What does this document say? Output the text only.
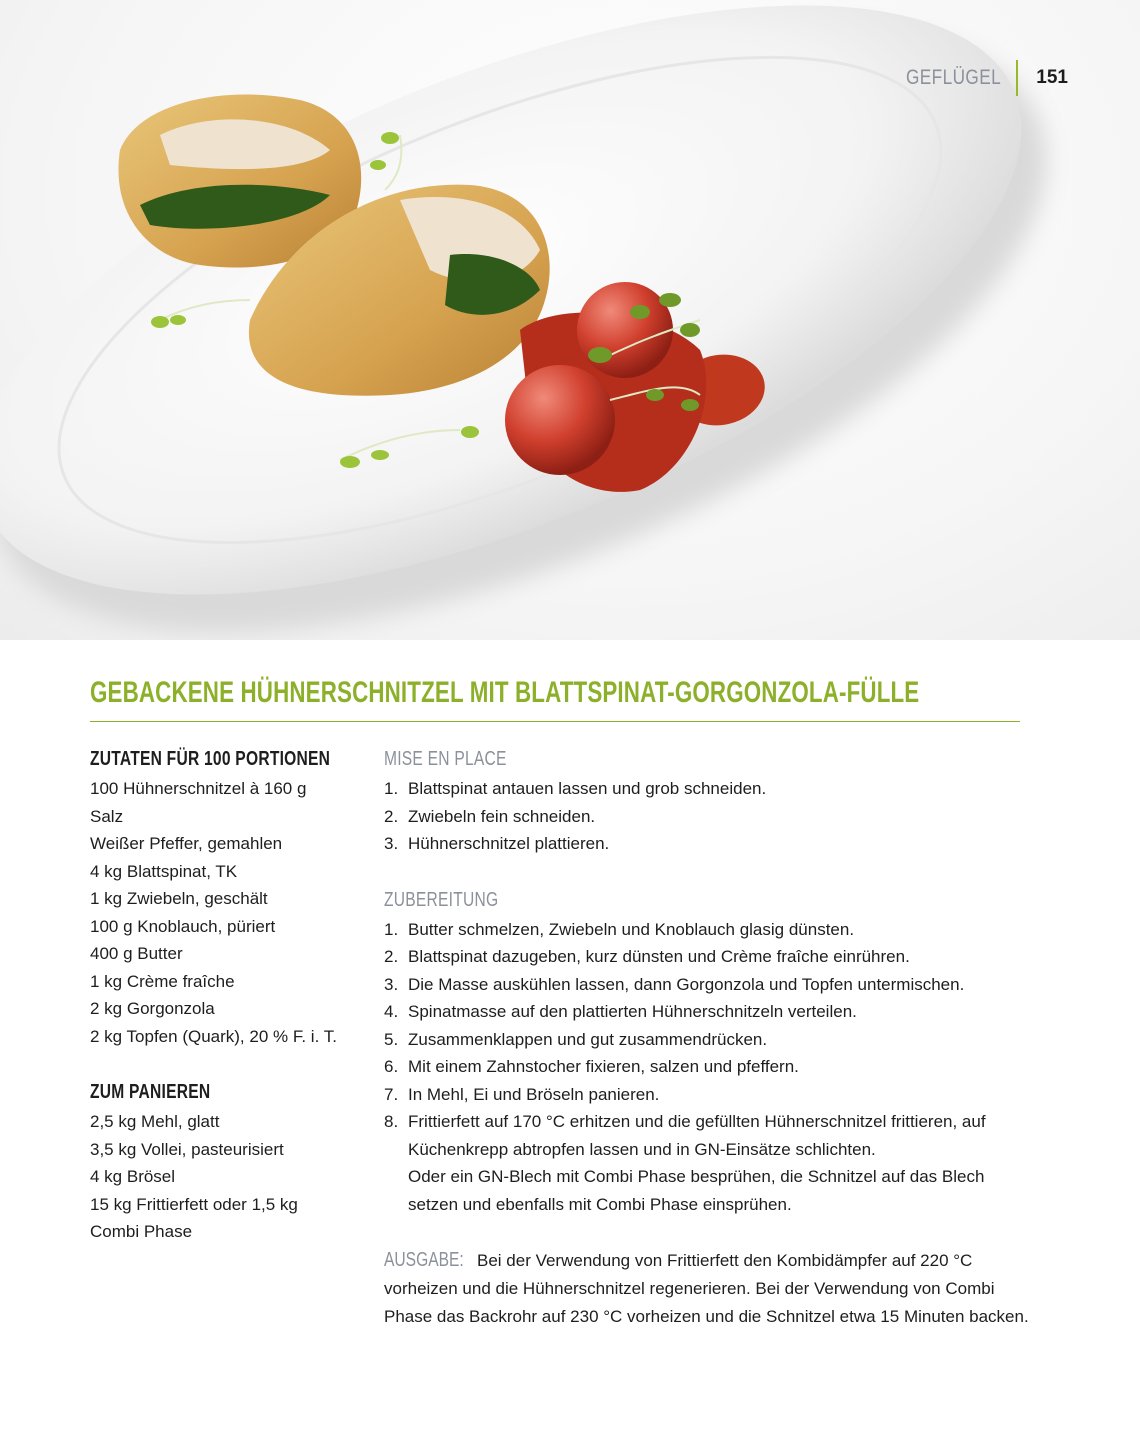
GEFLÜGEL 151
GEBACKENE HÜHNERSCHNITZEL MIT BLATTSPINAT-GORGONZOLA-FÜLLE
ZUTATEN FÜR 100 PORTIONEN
100 Hühnerschnitzel à 160 g
Salz
Weißer Pfeffer, gemahlen
4 kg Blattspinat, TK
1 kg Zwiebeln, geschält
100 g Knoblauch, püriert
400 g Butter
1 kg Crème fraîche
2 kg Gorgonzola
2 kg Topfen (Quark), 20 % F. i. T.
ZUM PANIEREN
2,5 kg Mehl, glatt
3,5 kg Vollei, pasteurisiert
4 kg Brösel
15 kg Frittierfett oder 1,5 kg
Combi Phase
MISE EN PLACE
1. Blattspinat antauen lassen und grob schneiden.
2. Zwiebeln fein schneiden.
3. Hühnerschnitzel plattieren.
ZUBEREITUNG
1. Butter schmelzen, Zwiebeln und Knoblauch glasig dünsten.
2. Blattspinat dazugeben, kurz dünsten und Crème fraîche einrühren.
3. Die Masse auskühlen lassen, dann Gorgonzola und Topfen untermischen.
4. Spinatmasse auf den plattierten Hühnerschnitzeln verteilen.
5. Zusammenklappen und gut zusammendrücken.
6. Mit einem Zahnstocher fixieren, salzen und pfeffern.
7. In Mehl, Ei und Bröseln panieren.
8. Frittierfett auf 170 °C erhitzen und die gefüllten Hühnerschnitzel frittieren, auf Küchenkrepp abtropfen lassen und in GN-Einsätze schlichten.
Oder ein GN-Blech mit Combi Phase besprühen, die Schnitzel auf das Blech setzen und ebenfalls mit Combi Phase einsprühen.

AUSGABE: Bei der Verwendung von Frittierfett den Kombidämpfer auf 220 °C vorheizen und die Hühnerschnitzel regenerieren. Bei der Verwendung von Combi Phase das Backrohr auf 230 °C vorheizen und die Schnitzel etwa 15 Minuten backen.
